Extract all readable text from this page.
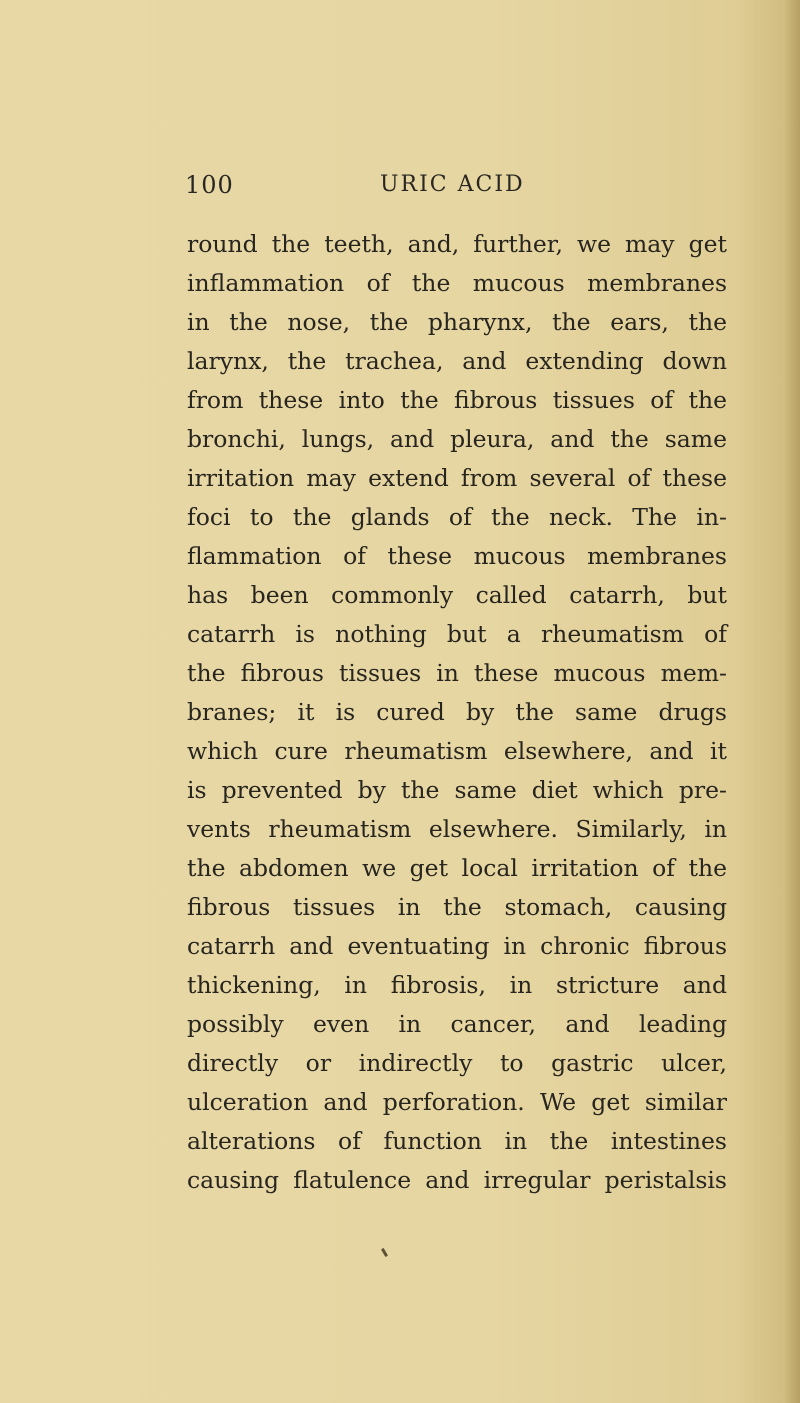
100	URIC ACID
round the teeth, and, further, we may get
inflammation of the mucous membranes
in the nose, the pharynx, the ears, the
larynx, the trachea, and extending down
from these into the fibrous tissues of the
bronchi, lungs, and pleura, and the same
irritation may extend from several of these
foci to the glands of the neck. The in-
flammation of these mucous membranes
has been commonly called catarrh, but
catarrh is nothing but a rheumatism of
the fibrous tissues in these mucous mem-
branes; it is cured by the same drugs
which cure rheumatism elsewhere, and it
is prevented by the same diet which pre-
vents rheumatism elsewhere. Similarly, in
the abdomen we get local irritation of the
fibrous tissues in the stomach, causing
catarrh and eventuating in chronic fibrous
thickening, in fibrosis, in stricture and
possibly even in cancer, and leading
directly or indirectly to gastric ulcer,
ulceration and perforation. We get similar
alterations of function in the intestines
causing flatulence and irregular peristalsis
